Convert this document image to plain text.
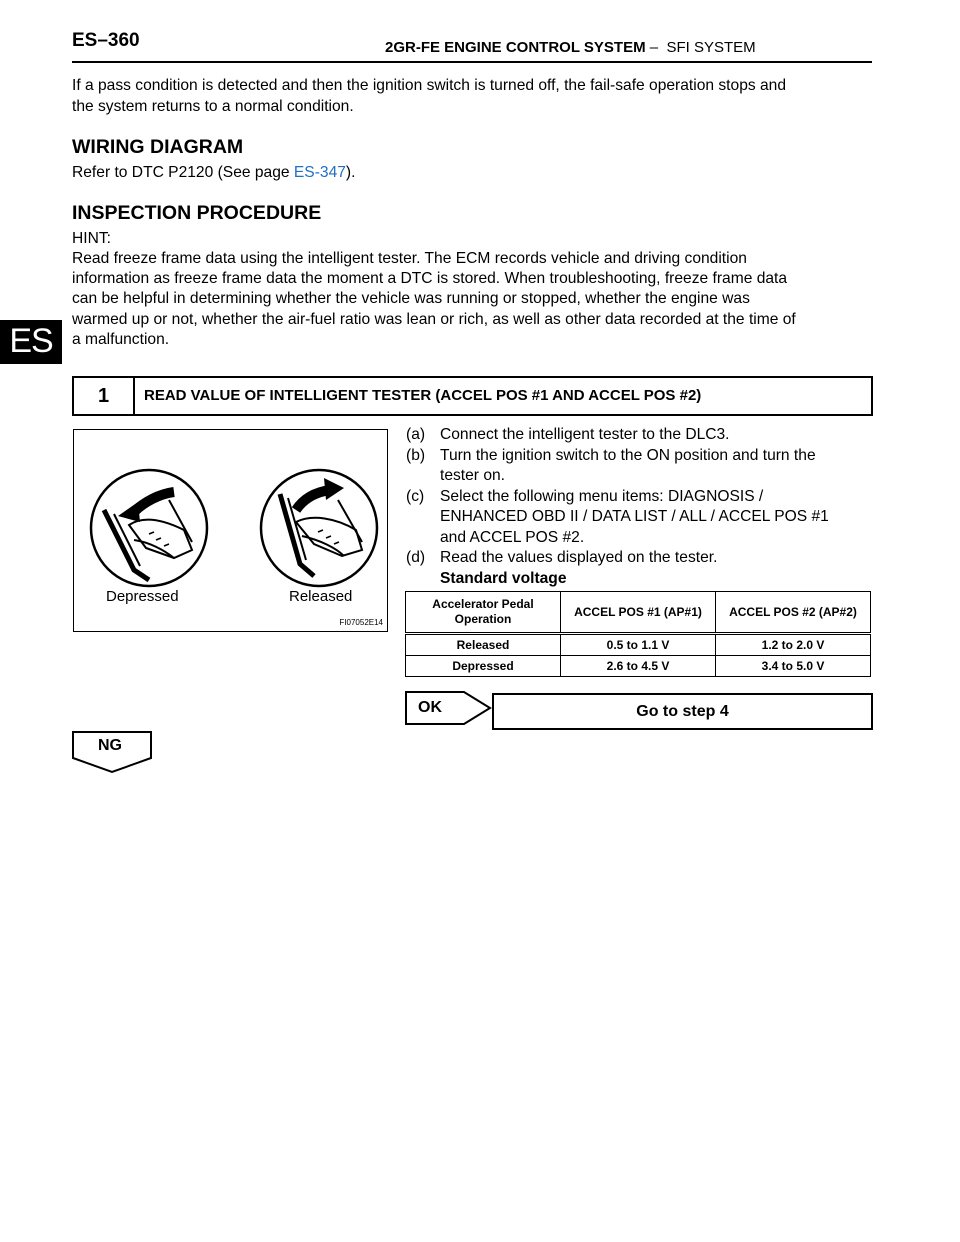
ES–360	2GR-FE ENGINE CONTROL SYSTEM –  SFI SYSTEM
ES
If a pass condition is detected and then the ignition switch is turned off, the fail-safe operation stops and
the system returns to a normal condition.
WIRING DIAGRAM
Refer to DTC P2120 (See page ES-347).
INSPECTION PROCEDURE
HINT:
Read freeze frame data using the intelligent tester. The ECM records vehicle and driving condition
information as freeze frame data the moment a DTC is stored. When troubleshooting, freeze frame data
can be helpful in determining whether the vehicle was running or stopped, whether the engine was
warmed up or not, whether the air-fuel ratio was lean or rich, as well as other data recorded at the time of
a malfunction.
1	READ VALUE OF INTELLIGENT TESTER (ACCEL POS #1 AND ACCEL POS #2)
Depressed	Released
FI07052E14
(a) Connect the intelligent tester to the DLC3.
(b) Turn the ignition switch to the ON position and turn the
tester on.
(c) Select the following menu items: DIAGNOSIS /
ENHANCED OBD II / DATA LIST / ALL / ACCEL POS #1
and ACCEL POS #2.
(d) Read the values displayed on the tester.
Standard voltage
Accelerator Pedal
Operation	ACCEL POS #1 (AP#1)	ACCEL POS #2 (AP#2)
Released	0.5 to 1.1 V	1.2 to 2.0 V
Depressed	2.6 to 4.5 V	3.4 to 5.0 V
OK	Go to step 4
NG
